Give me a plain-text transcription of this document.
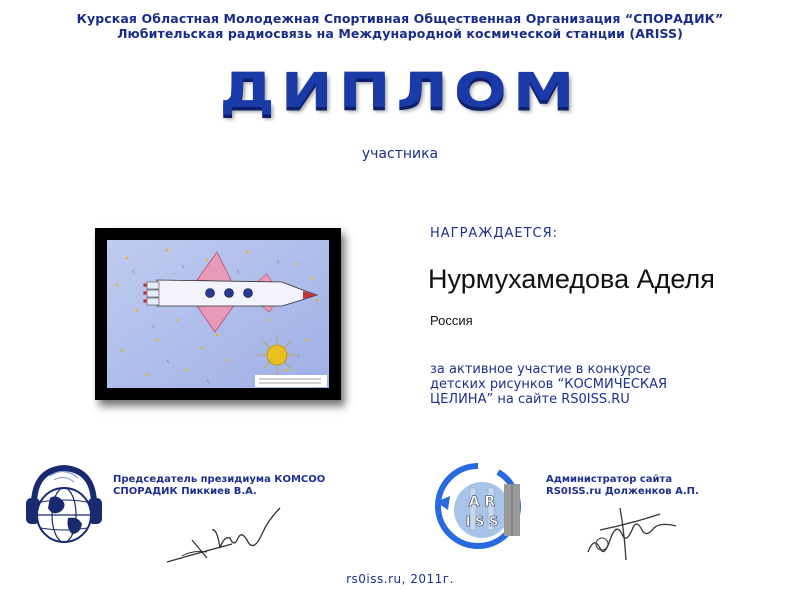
Курская Областная Молодежная Спортивная Общественная Организация “СПОРАДИК”
Любительская радиосвязь на Международной космической станции (ARISS)
ДИПЛОМ
участника
НАГРАЖДАЕТСЯ:
Нурмухамедова Аделя
Россия
за активное участие в конкурсе
детских рисунков “КОСМИЧЕСКАЯ
ЦЕЛИНА” на сайте RS0ISS.RU
Председатель президиума КОМСОО
СПОРАДИК Пиккиев В.А.
A R
I S S
Администратор сайта
RS0ISS.ru Долженков А.П.
rs0iss.ru, 2011г.
